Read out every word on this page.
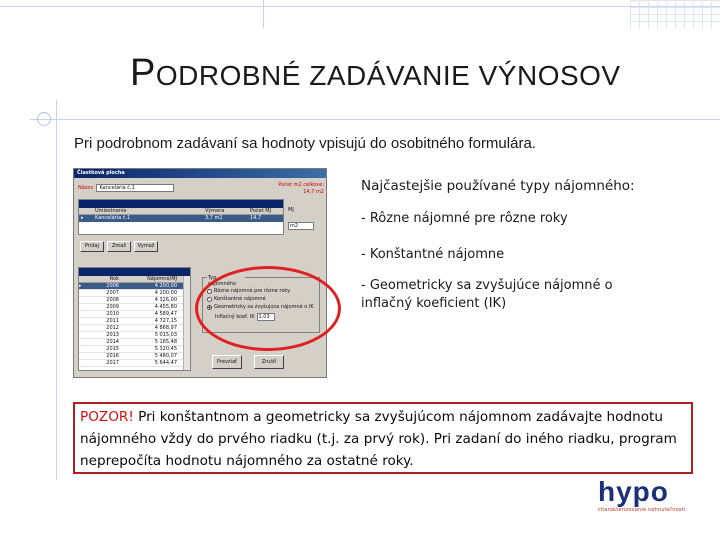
PODROBNÉ ZADÁVANIE VÝNOSOV
Pri podrobnom zadávaní sa hodnoty vpisujú do osobitného formulára.
Čiastková plocha
Názov	Kancelária č.1	Počet m2 celkove:
14,7 m2
Umiestnenie	Výmera	Počet MJ
▸	Kancelária č.1	3,7 m2	14,7
MJ
m2
Pridaj	Zmaž	Vymaž
Rok	Nájomné/MJ
▸	2006	4 200,00
2007	4 200,00
2008	4 326,00
2009	4 455,80
2010	4 589,47
2011	4 727,15
2012	4 868,97
2013	5 015,03
2014	5 165,48
2015	5 320,45
2016	5 480,07
2017	5 644,47
Typ nájomného
Rôzne nájomné pre rôzne roky
Konštantné nájomné
Geometricky sa zvyšujúce nájomné o IK
Inflačný koef. IK 1,03
Prevziať	Zrušiť
Najčastejšie používané typy nájomného:
- Rôzne nájomné pre rôzne roky
- Konštantné nájomne
- Geometricky sa zvyšujúce nájomné o inflačný koeficient (IK)
POZOR! Pri konštantnom a geometricky sa zvyšujúcom nájomnom zadávajte hodnotu nájomného vždy do prvého riadku (t.j. za prvý rok). Pri zadaní do iného riadku, program neprepočíta hodnotu nájomného za ostatné roky.
hypo
charakterizovanie nehnuteľností
